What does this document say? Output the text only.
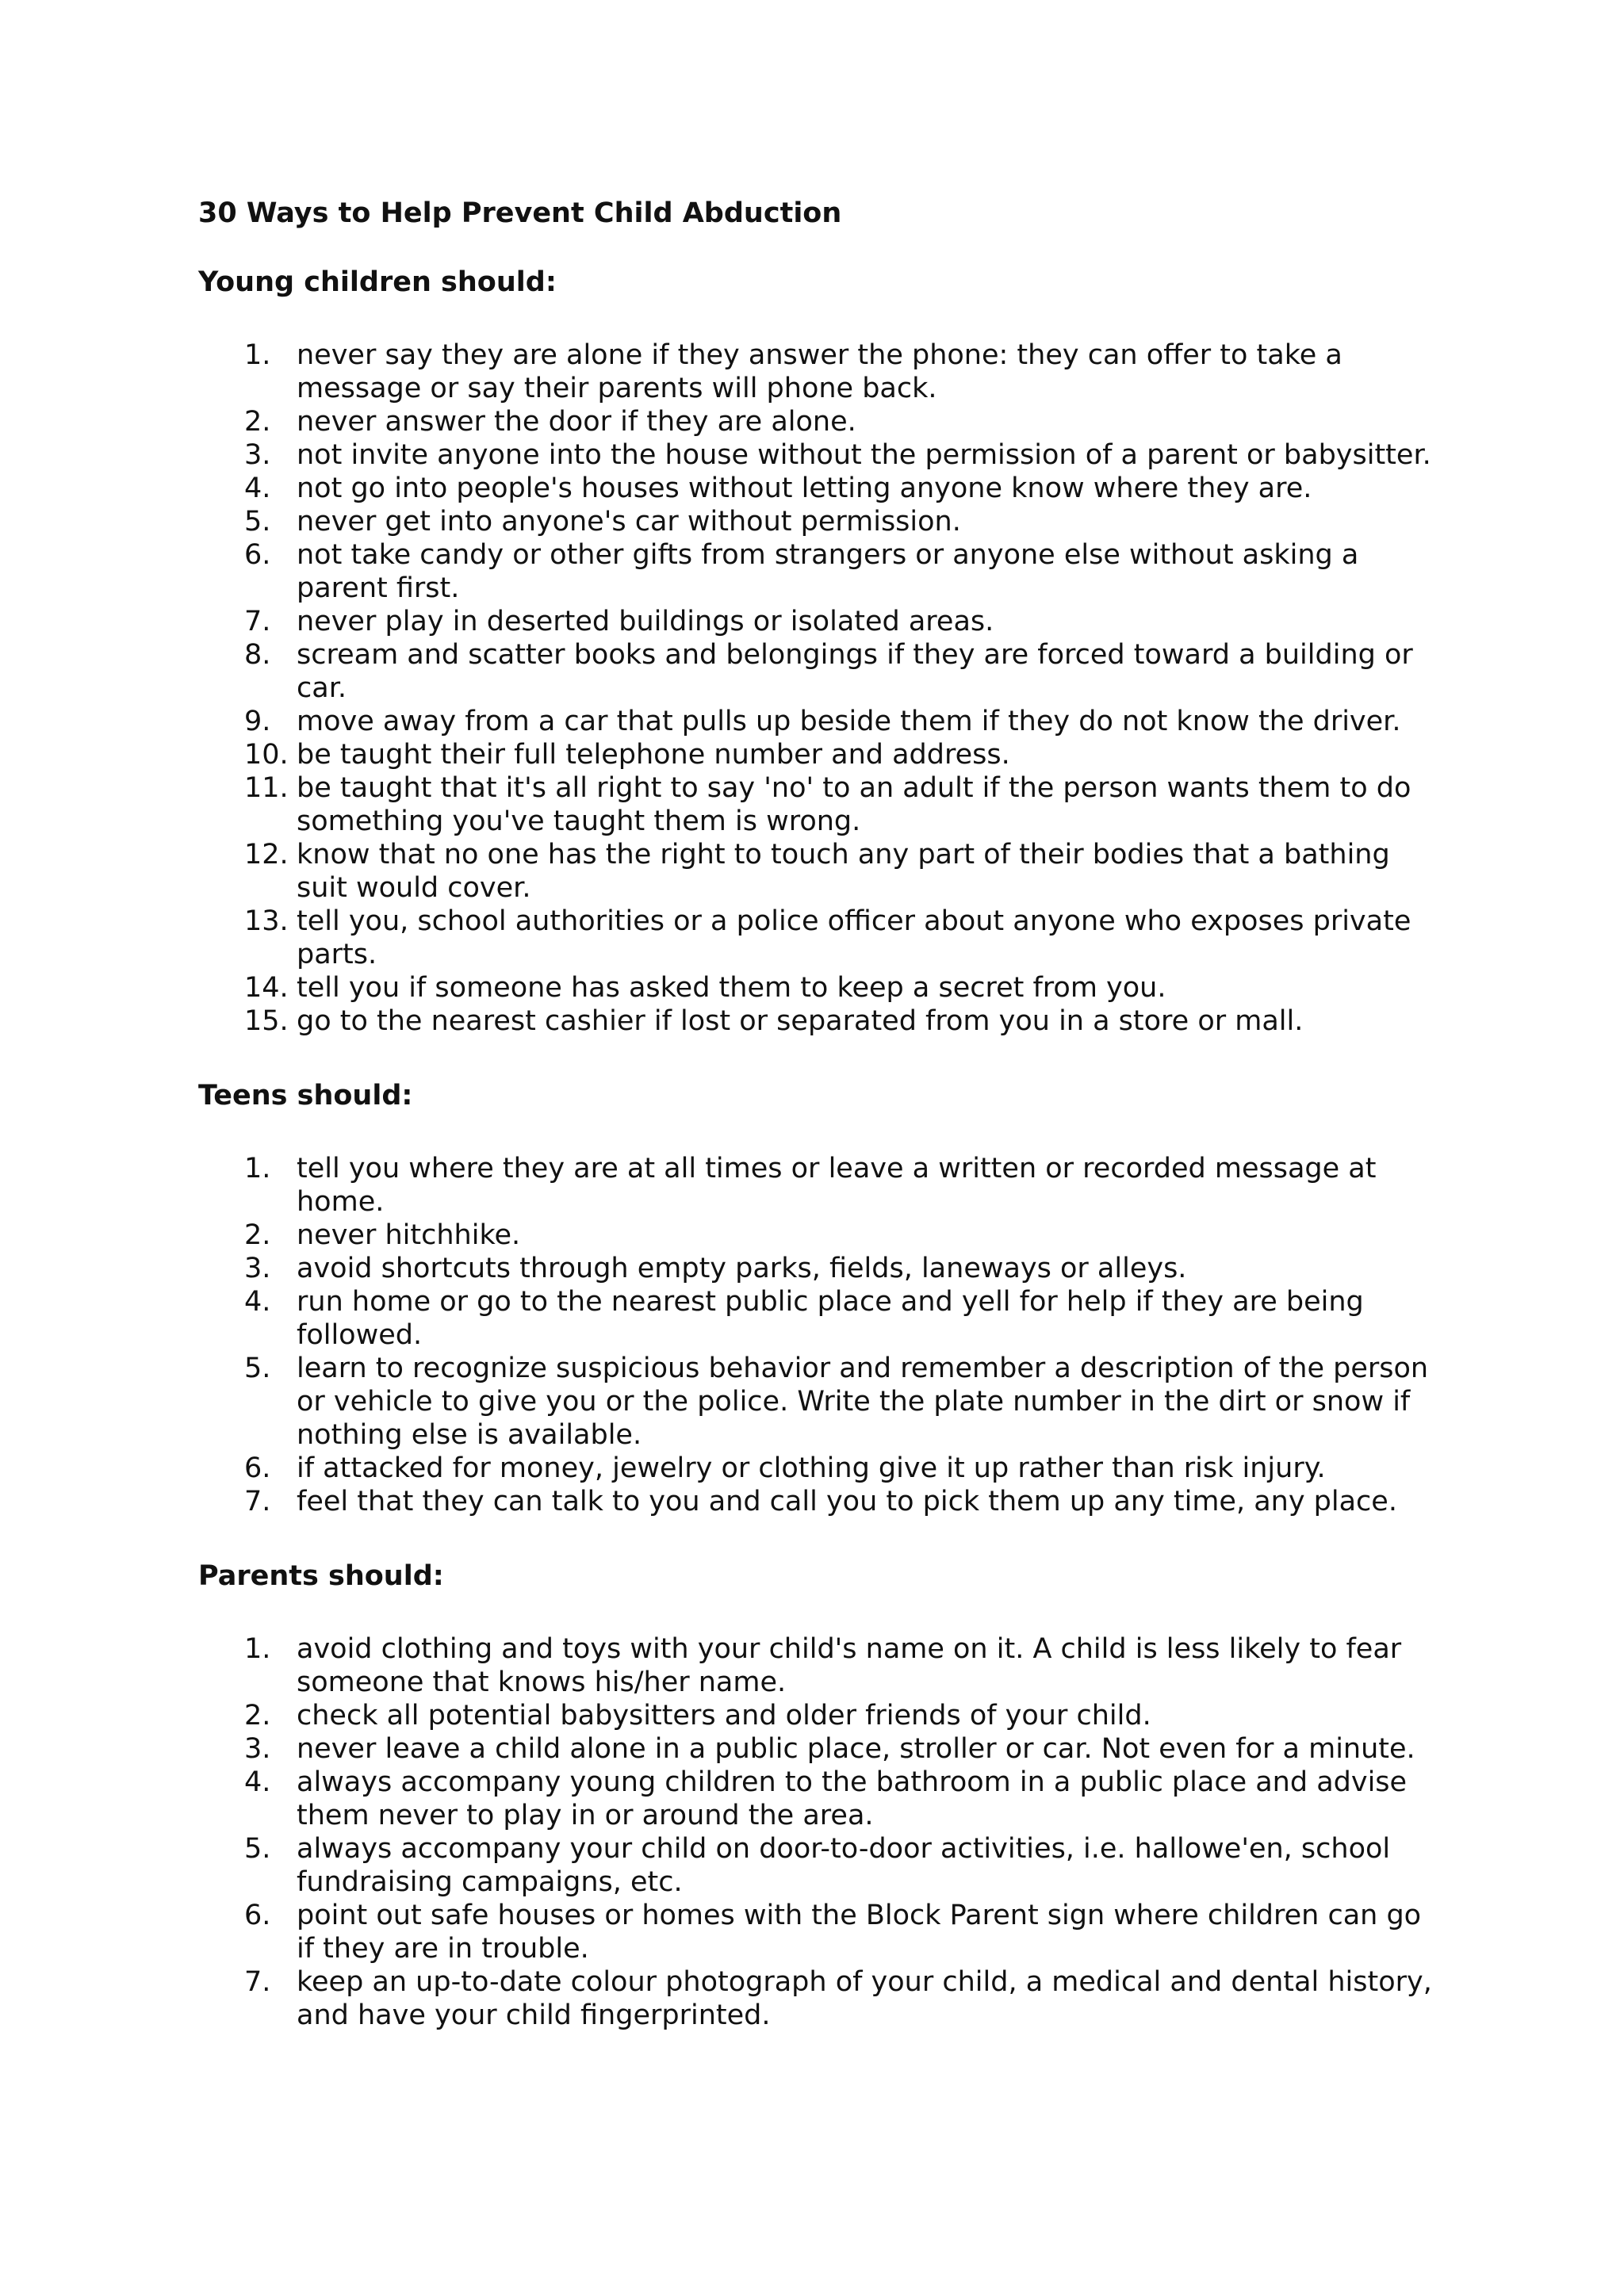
30 Ways to Help Prevent Child Abduction
Young children should:
1. never say they are alone if they answer the phone: they can offer to take a message or say their parents will phone back.
2. never answer the door if they are alone.
3. not invite anyone into the house without the permission of a parent or babysitter.
4. not go into people's houses without letting anyone know where they are.
5. never get into anyone's car without permission.
6. not take candy or other gifts from strangers or anyone else without asking a parent first.
7. never play in deserted buildings or isolated areas.
8. scream and scatter books and belongings if they are forced toward a building or car.
9. move away from a car that pulls up beside them if they do not know the driver.
10. be taught their full telephone number and address.
11. be taught that it's all right to say 'no' to an adult if the person wants them to do something you've taught them is wrong.
12. know that no one has the right to touch any part of their bodies that a bathing suit would cover.
13. tell you, school authorities or a police officer about anyone who exposes private parts.
14. tell you if someone has asked them to keep a secret from you.
15. go to the nearest cashier if lost or separated from you in a store or mall.
Teens should:
1. tell you where they are at all times or leave a written or recorded message at home.
2. never hitchhike.
3. avoid shortcuts through empty parks, fields, laneways or alleys.
4. run home or go to the nearest public place and yell for help if they are being followed.
5. learn to recognize suspicious behavior and remember a description of the person or vehicle to give you or the police. Write the plate number in the dirt or snow if nothing else is available.
6. if attacked for money, jewelry or clothing give it up rather than risk injury.
7. feel that they can talk to you and call you to pick them up any time, any place.
Parents should:
1. avoid clothing and toys with your child's name on it. A child is less likely to fear someone that knows his/her name.
2. check all potential babysitters and older friends of your child.
3. never leave a child alone in a public place, stroller or car. Not even for a minute.
4. always accompany young children to the bathroom in a public place and advise them never to play in or around the area.
5. always accompany your child on door-to-door activities, i.e. hallowe'en, school fundraising campaigns, etc.
6. point out safe houses or homes with the Block Parent sign where children can go if they are in trouble.
7. keep an up-to-date colour photograph of your child, a medical and dental history, and have your child fingerprinted.
